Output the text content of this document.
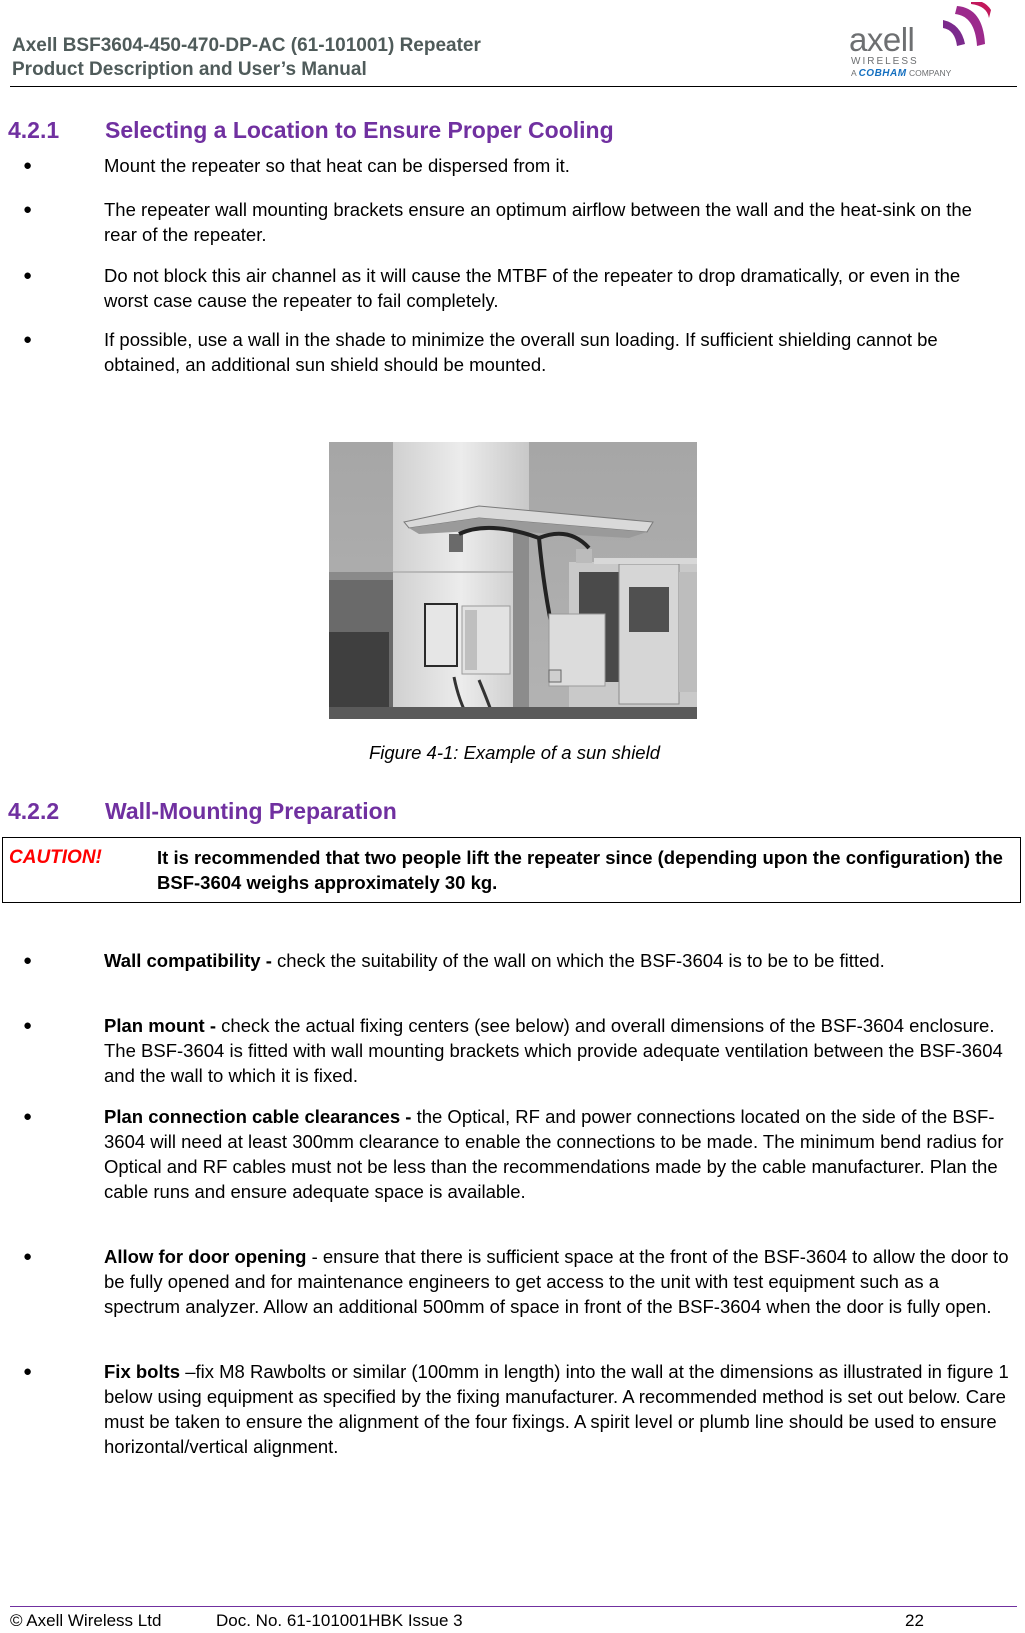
Axell BSF3604-450-470-DP-AC (61-101001) Repeater
Product Description and User’s Manual
axell
WIRELESS
A COBHAM COMPANY
4.2.1 Selecting a Location to Ensure Proper Cooling
●	Mount the repeater so that heat can be dispersed from it.
●	The repeater wall mounting brackets ensure an optimum airflow between the wall and the heat-sink on the rear of the repeater.
●	Do not block this air channel as it will cause the MTBF of the repeater to drop dramatically, or even in the worst case cause the repeater to fail completely.
●	If possible, use a wall in the shade to minimize the overall sun loading. If sufficient shielding cannot be obtained, an additional sun shield should be mounted.
Figure 4-1: Example of a sun shield
4.2.2 Wall-Mounting Preparation
CAUTION!	It is recommended that two people lift the repeater since (depending upon the configuration) the BSF-3604 weighs approximately 30 kg.
●	Wall compatibility - check the suitability of the wall on which the BSF-3604 is to be to be fitted.
●	Plan mount - check the actual fixing centers (see below) and overall dimensions of the BSF-3604 enclosure. The BSF-3604 is fitted with wall mounting brackets which provide adequate ventilation between the BSF-3604 and the wall to which it is fixed.
●	Plan connection cable clearances - the Optical, RF and power connections located on the side of the BSF-3604 will need at least 300mm clearance to enable the connections to be made. The minimum bend radius for Optical and RF cables must not be less than the recommendations made by the cable manufacturer. Plan the cable runs and ensure adequate space is available.
●	Allow for door opening - ensure that there is sufficient space at the front of the BSF-3604 to allow the door to be fully opened and for maintenance engineers to get access to the unit with test equipment such as a spectrum analyzer. Allow an additional 500mm of space in front of the BSF-3604 when the door is fully open.
●	Fix bolts –fix M8 Rawbolts or similar (100mm in length) into the wall at the dimensions as illustrated in figure 1 below using equipment as specified by the fixing manufacturer. A recommended method is set out below. Care must be taken to ensure the alignment of the four fixings. A spirit level or plumb line should be used to ensure horizontal/vertical alignment.
© Axell Wireless Ltd	Doc. No. 61-101001HBK Issue 3	22
